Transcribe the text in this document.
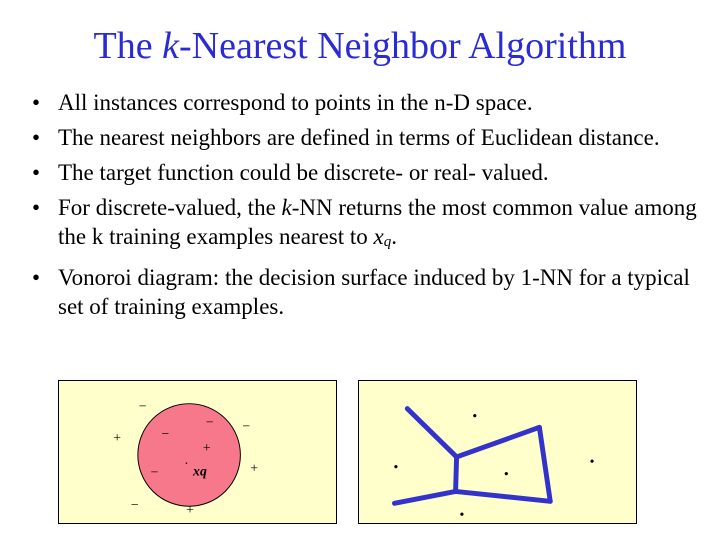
The k-Nearest Neighbor Algorithm
• All instances correspond to points in the n-D space.
• The nearest neighbors are defined in terms of Euclidean distance.
• The target function could be discrete- or real- valued.
• For discrete-valued, the k-NN returns the most common value among the k training examples nearest to xq.
• Vonoroi diagram: the decision surface induced by 1-NN for a typical set of training examples.
−
− −
−
+
+
−	+
−	+
·
xq
•
•	•
•
•
